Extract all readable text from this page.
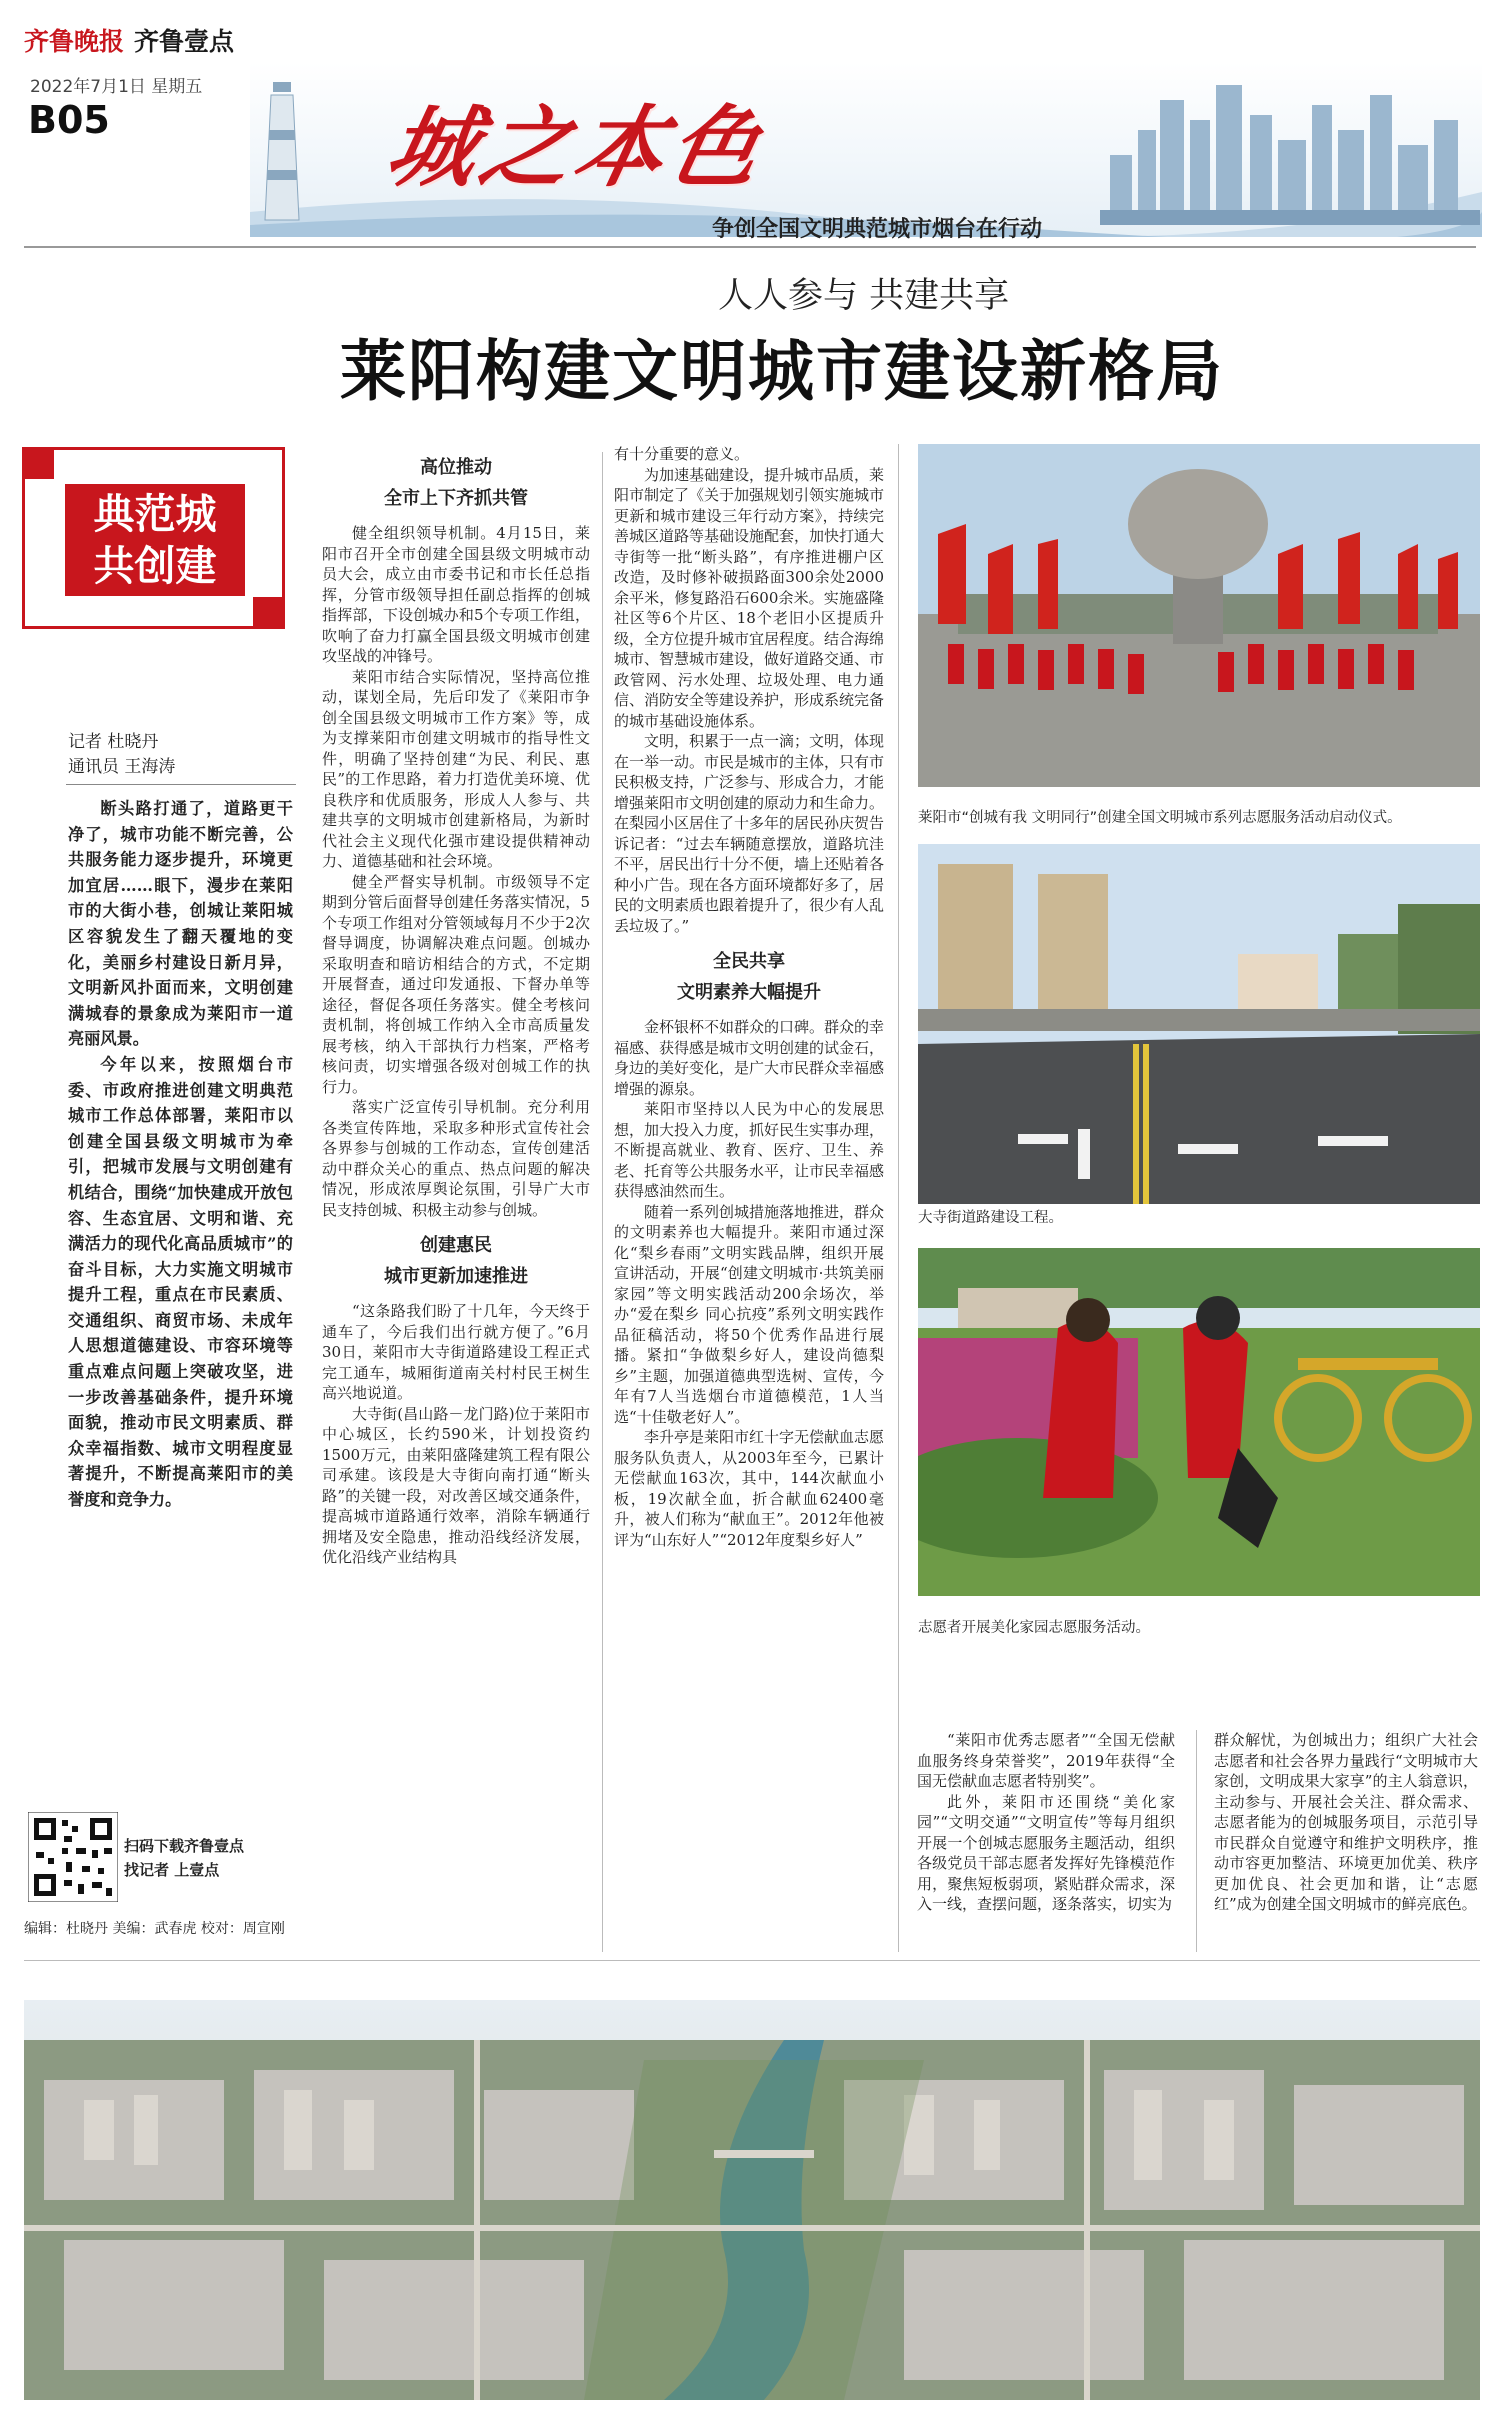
齐鲁晚报 齐鲁壹点
2022年7月1日 星期五
B05	城之本色
争创全国文明典范城市烟台在行动
人人参与 共建共享
莱阳构建文明城市建设新格局
典范城
共创建
记者 杜晓丹
通讯员 王海涛

断头路打通了，道路更干净了，城市功能不断完善，公共服务能力逐步提升，环境更加宜居……眼下，漫步在莱阳市的大街小巷，创城让莱阳城区容貌发生了翻天覆地的变化，美丽乡村建设日新月异，文明新风扑面而来，文明创建满城春的景象成为莱阳市一道亮丽风景。

今年以来，按照烟台市委、市政府推进创建文明典范城市工作总体部署，莱阳市以创建全国县级文明城市为牵引，把城市发展与文明创建有机结合，围绕“加快建成开放包容、生态宜居、文明和谐、充满活力的现代化高品质城市”的奋斗目标，大力实施文明城市提升工程，重点在市民素质、交通组织、商贸市场、未成年人思想道德建设、市容环境等重点难点问题上突破攻坚，进一步改善基础条件，提升环境面貌，推动市民文明素质、群众幸福指数、城市文明程度显著提升，不断提高莱阳市的美誉度和竞争力。

高位推动
全市上下齐抓共管

健全组织领导机制。4月15日，莱阳市召开全市创建全国县级文明城市动员大会，成立由市委书记和市长任总指挥，分管市级领导担任副总指挥的创城指挥部，下设创城办和5个专项工作组，吹响了奋力打赢全国县级文明城市创建攻坚战的冲锋号。

莱阳市结合实际情况，坚持高位推动，谋划全局，先后印发了《莱阳市争创全国县级文明城市工作方案》等，成为支撑莱阳市创建文明城市的指导性文件，明确了坚持创建“为民、利民、惠民”的工作思路，着力打造优美环境、优良秩序和优质服务，形成人人参与、共建共享的文明城市创建新格局，为新时代社会主义现代化强市建设提供精神动力、道德基础和社会环境。

健全严督实导机制。市级领导不定期到分管后面督导创建任务落实情况，5个专项工作组对分管领域每月不少于2次督导调度，协调解决难点问题。创城办采取明查和暗访相结合的方式，不定期开展督查，通过印发通报、下督办单等途径，督促各项任务落实。健全考核问责机制，将创城工作纳入全市高质量发展考核，纳入干部执行力档案，严格考核问责，切实增强各级对创城工作的执行力。

落实广泛宣传引导机制。充分利用各类宣传阵地，采取多种形式宣传社会各界参与创城的工作动态，宣传创建活动中群众关心的重点、热点问题的解决情况，形成浓厚舆论氛围，引导广大市民支持创城、积极主动参与创城。

创建惠民
城市更新加速推进

“这条路我们盼了十几年，今天终于通车了，今后我们出行就方便了。”6月30日，莱阳市大寺街道路建设工程正式完工通车，城厢街道南关村村民王树生高兴地说道。

大寺街(昌山路－龙门路)位于莱阳市中心城区，长约590米，计划投资约1500万元，由莱阳盛隆建筑工程有限公司承建。该段是大寺街向南打通“断头路”的关键一段，对改善区域交通条件，提高城市道路通行效率，消除车辆通行拥堵及安全隐患，推动沿线经济发展，优化沿线产业结构具

有十分重要的意义。

为加速基础建设，提升城市品质，莱阳市制定了《关于加强规划引领实施城市更新和城市建设三年行动方案》，持续完善城区道路等基础设施配套，加快打通大寺街等一批“断头路”，有序推进棚户区改造，及时修补破损路面300余处2000余平米，修复路沿石600余米。实施盛隆社区等6个片区、18个老旧小区提质升级，全方位提升城市宜居程度。结合海绵城市、智慧城市建设，做好道路交通、市政管网、污水处理、垃圾处理、电力通信、消防安全等建设养护，形成系统完备的城市基础设施体系。

文明，积累于一点一滴；文明，体现在一举一动。市民是城市的主体，只有市民积极支持，广泛参与、形成合力，才能增强莱阳市文明创建的原动力和生命力。在梨园小区居住了十多年的居民孙庆贺告诉记者：“过去车辆随意摆放，道路坑洼不平，居民出行十分不便，墙上还贴着各种小广告。现在各方面环境都好多了，居民的文明素质也跟着提升了，很少有人乱丢垃圾了。”

全民共享
文明素养大幅提升

金杯银杯不如群众的口碑。群众的幸福感、获得感是城市文明创建的试金石，身边的美好变化，是广大市民群众幸福感增强的源泉。

莱阳市坚持以人民为中心的发展思想，加大投入力度，抓好民生实事办理，不断提高就业、教育、医疗、卫生、养老、托育等公共服务水平，让市民幸福感获得感油然而生。

随着一系列创城措施落地推进，群众的文明素养也大幅提升。莱阳市通过深化“梨乡春雨”文明实践品牌，组织开展宣讲活动，开展“创建文明城市·共筑美丽家园”等文明实践活动200余场次，举办“爱在梨乡 同心抗疫”系列文明实践作品征稿活动，将50个优秀作品进行展播。紧扣“争做梨乡好人，建设尚德梨乡”主题，加强道德典型选树、宣传，今年有7人当选烟台市道德模范，1人当选“十佳敬老好人”。

李升亭是莱阳市红十字无偿献血志愿服务队负责人，从2003年至今，已累计无偿献血163次，其中，144次献血小板，19次献全血，折合献血62400毫升，被人们称为“献血王”。2012年他被评为“山东好人”“2012年度梨乡好人”

莱阳市“创城有我 文明同行”创建全国文明城市系列志愿服务活动启动仪式。
大寺街道路建设工程。
志愿者开展美化家园志愿服务活动。

“莱阳市优秀志愿者”“全国无偿献血服务终身荣誉奖”，2019年获得“全国无偿献血志愿者特别奖”。

此外，莱阳市还围绕“美化家园”“文明交通”“文明宣传”等每月组织开展一个创城志愿服务主题活动，组织各级党员干部志愿者发挥好先锋模范作用，聚焦短板弱项，紧贴群众需求，深入一线，查摆问题，逐条落实，切实为

群众解忧，为创城出力；组织广大社会志愿者和社会各界力量践行“文明城市大家创，文明成果大家享”的主人翁意识，主动参与、开展社会关注、群众需求、志愿者能为的创城服务项目，示范引导市民群众自觉遵守和维护文明秩序，推动市容更加整洁、环境更加优美、秩序更加优良、社会更加和谐，让“志愿红”成为创建全国文明城市的鲜亮底色。

扫码下载齐鲁壹点
找记者 上壹点
编辑：杜晓丹 美编：武春虎 校对：周宣刚
